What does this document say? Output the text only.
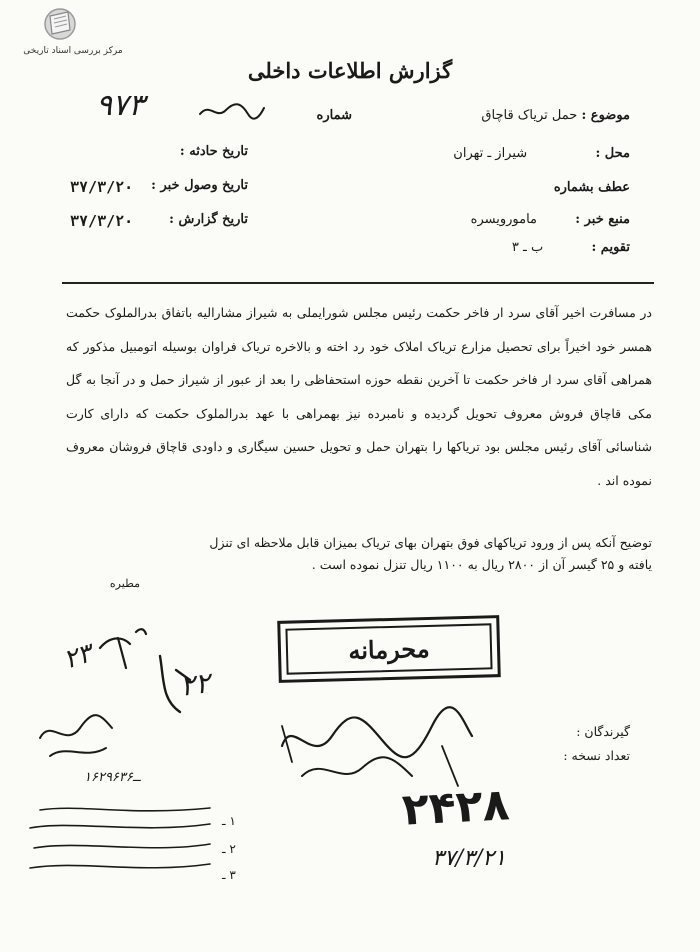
مرکز بررسی اسناد تاریخی
گزارش اطلاعات داخلی
موضوع : حمل تریاک قاچاق
محل :  شیراز ـ تهران
عطف بشماره
منبع خبر :  مامورویسره
تقویم :  ب ـ ۳
شماره
۹۷۳
تاریخ حادثه :
تاریخ وصول خبر :
۳۷/۳/۲۰
تاریخ گزارش :
۳۷/۳/۲۰

در مسافرت اخیر آقای سرد ار فاخر حکمت رئیس مجلس شورایملی به شیراز مشارالیه باتفاق بدرالملوک حکمت همسر خود اخیراً برای تحصیل مزارع تریاک املاک خود رد اخته و بالاخره تریاک فراوان بوسیله اتومبیل مذکور که همراهی آقای سرد ار فاخر حکمت تا آخرین نقطه حوزه استحفاظی را بعد از عبور از شیراز حمل و در آنجا به گل مکی قاچاق فروش معروف تحویل گردیده و نامبرده نیز بهمراهی با عهد بدرالملوک حکمت که دارای کارت شناسائی آقای رئیس مجلس بود تریاکها را بتهران حمل و تحویل حسین سیگاری و داودی قاچاق فروشان معروف نموده اند .

توضیح آنکه پس از ورود تریاکهای فوق بتهران بهای تریاک بمیزان قابل ملاحظه ای تنزل

یافته و ۲۵ گیسر آن از ۲۸۰۰ ریال به ۱۱۰۰ ریال تنزل نموده است .

مطیره
محرمانه
۲۳
۲۲
گیرندگان :
تعداد نسخه :
۲۴۲۸
۳۷/۳/۲۱
۱۶۲۹۶ــ۳۶
۱ ـ
۲ ـ
۳ ـ
